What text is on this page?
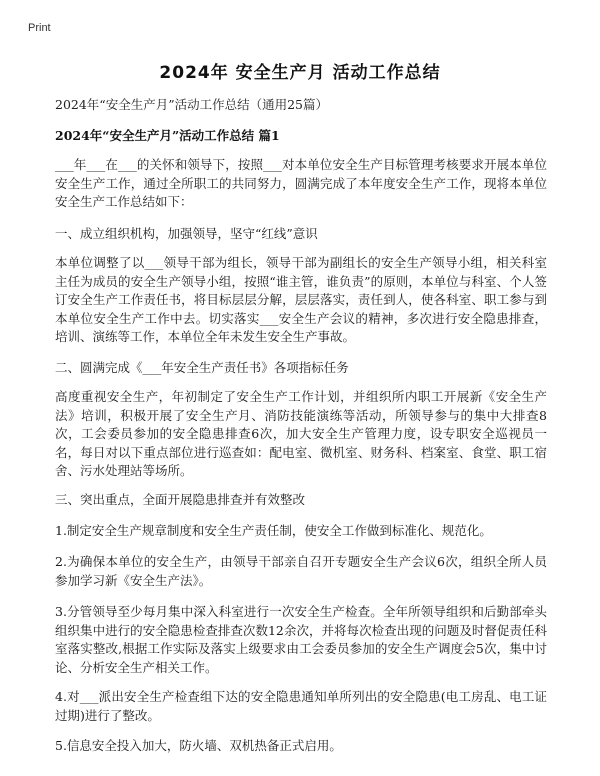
Print
2024年 安全生产月 活动工作总结
2024年“安全生产月”活动工作总结（通用25篇）
2024年“安全生产月”活动工作总结 篇1

___年___在___的关怀和领导下，按照___对本单位安全生产目标管理考核要求开展本单位安全生产工作，通过全所职工的共同努力，圆满完成了本年度安全生产工作，现将本单位安全生产工作总结如下：

一、成立组织机构，加强领导，坚守“红线”意识

本单位调整了以___领导干部为组长，领导干部为副组长的安全生产领导小组，相关科室主任为成员的安全生产领导小组，按照“谁主管，谁负责”的原则，本单位与科室、个人签订安全生产工作责任书，将目标层层分解，层层落实，责任到人，使各科室、职工参与到本单位安全生产工作中去。切实落实___安全生产会议的精神，多次进行安全隐患排查，培训、演练等工作，本单位全年未发生安全生产事故。

二、圆满完成《___年安全生产责任书》各项指标任务

高度重视安全生产，年初制定了安全生产工作计划，并组织所内职工开展新《安全生产法》培训，积极开展了安全生产月、消防技能演练等活动，所领导参与的集中大排查8次，工会委员参加的安全隐患排查6次，加大安全生产管理力度，设专职安全巡视员一名，每日对以下重点部位进行巡查如：配电室、微机室、财务科、档案室、食堂、职工宿舍、污水处理站等场所。

三、突出重点，全面开展隐患排查并有效整改

1.制定安全生产规章制度和安全生产责任制，使安全工作做到标准化、规范化。

2.为确保本单位的安全生产，由领导干部亲自召开专题安全生产会议6次，组织全所人员参加学习新《安全生产法》。

3.分管领导至少每月集中深入科室进行一次安全生产检查。全年所领导组织和后勤部牵头组织集中进行的安全隐患检查排查次数12余次，并将每次检查出现的问题及时督促责任科室落实整改,根据工作实际及落实上级要求由工会委员参加的安全生产调度会5次，集中讨论、分析安全生产相关工作。

4.对___派出安全生产检查组下达的安全隐患通知单所列出的安全隐患(电工房乱、电工证过期)进行了整改。

5.信息安全投入加大，防火墙、双机热备正式启用。
